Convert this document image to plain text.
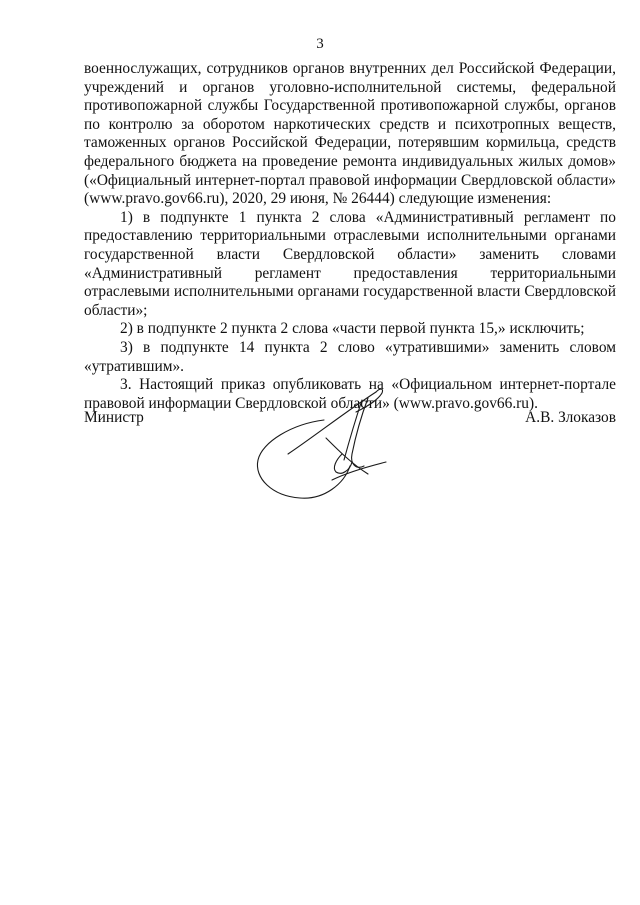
3

военнослужащих, сотрудников органов внутренних дел Российской Федерации, учреждений и органов уголовно-исполнительной системы, федеральной противопожарной службы Государственной противопожарной службы, органов по контролю за оборотом наркотических средств и психотропных веществ, таможенных органов Российской Федерации, потерявшим кормильца, средств федерального бюджета на проведение ремонта индивидуальных жилых домов» («Официальный интернет-портал правовой информации Свердловской области» (www.pravo.gov66.ru), 2020, 29 июня, № 26444) следующие изменения:

1) в подпункте 1 пункта 2 слова «Административный регламент по предоставлению территориальными отраслевыми исполнительными органами государственной власти Свердловской области» заменить словами «Административный регламент предоставления территориальными отраслевыми исполнительными органами государственной власти Свердловской области»;

2) в подпункте 2 пункта 2 слова «части первой пункта 15,» исключить;

3) в подпункте 14 пункта 2 слово «утратившими» заменить словом «утратившим».

3. Настоящий приказ опубликовать на «Официальном интернет-портале правовой информации Свердловской области» (www.pravo.gov66.ru).

Министр	А.В. Злоказов
